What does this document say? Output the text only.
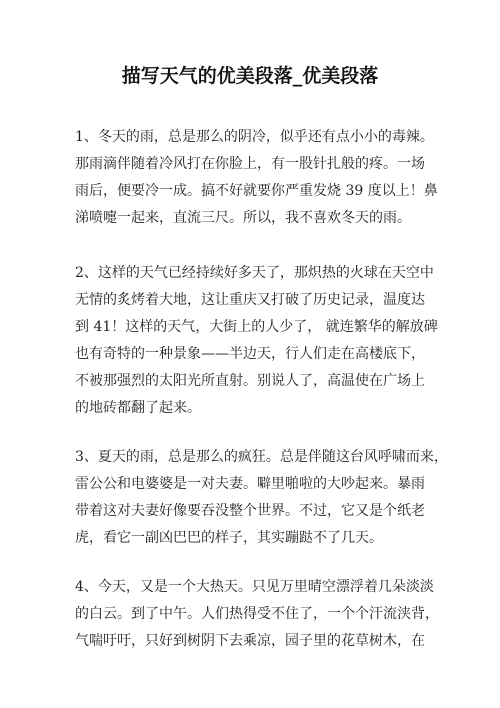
描写天气的优美段落_优美段落
1、冬天的雨，总是那么的阴冷，似乎还有点小小的毒辣。
那雨滴伴随着冷风打在你脸上，有一股针扎般的疼。一场
雨后，便要冷一成。搞不好就要你严重发烧 39 度以上！鼻
涕喷嚏一起来，直流三尺。所以，我不喜欢冬天的雨。
2、这样的天气已经持续好多天了，那炽热的火球在天空中
无情的炙烤着大地，这让重庆又打破了历史记录，温度达
到 41！这样的天气，大街上的人少了， 就连繁华的解放碑
也有奇特的一种景象——半边天，行人们走在高楼底下，
不被那强烈的太阳光所直射。别说人了，高温使在广场上
的地砖都翻了起来。
3、夏天的雨，总是那么的疯狂。总是伴随这台风呼啸而来，
雷公公和电婆婆是一对夫妻。噼里啪啦的大吵起来。暴雨
带着这对夫妻好像要吞没整个世界。不过，它又是个纸老
虎，看它一副凶巴巴的样子，其实蹦跶不了几天。
4、今天，又是一个大热天。只见万里晴空漂浮着几朵淡淡
的白云。到了中午。人们热得受不住了，一个个汗流浃背，
气喘吁吁，只好到树阴下去乘凉，园子里的花草树木，在
